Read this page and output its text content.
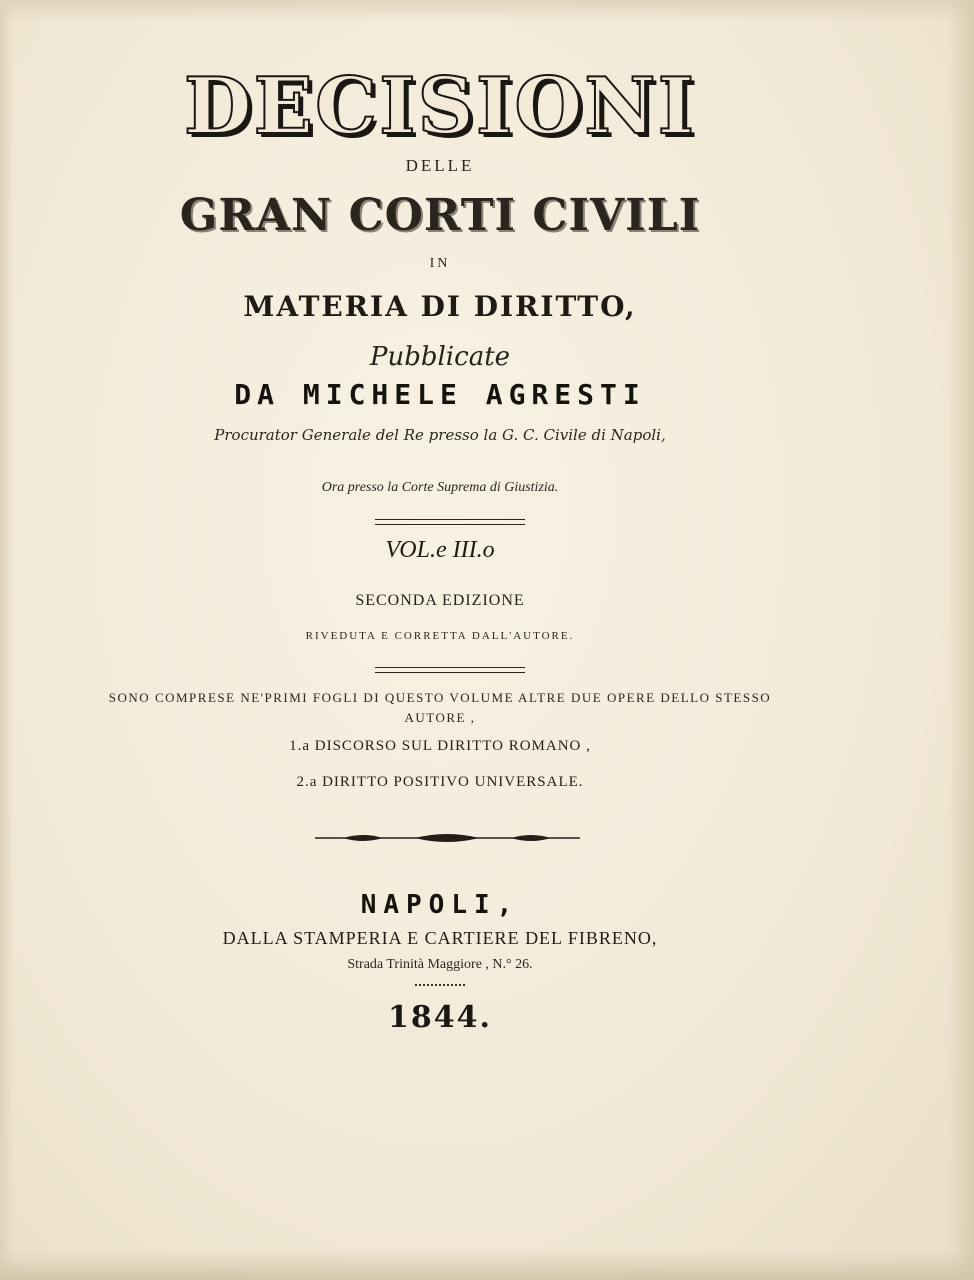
DECISIONI
DELLE
GRAN CORTI CIVILI
IN
MATERIA DI DIRITTO,
Pubblicate
DA MICHELE AGRESTI
Procurator Generale del Re presso la G. C. Civile di Napoli,
Ora presso la Corte Suprema di Giustizia.
VOL.e III.o
SECONDA EDIZIONE
RIVEDUTA E CORRETTA DALL'AUTORE.
SONO COMPRESE NE'PRIMI FOGLI DI QUESTO VOLUME ALTRE DUE OPERE DELLO STESSO
AUTORE ,
1.a DISCORSO SUL DIRITTO ROMANO ,
2.a DIRITTO POSITIVO UNIVERSALE.
NAPOLI,
DALLA STAMPERIA E CARTIERE DEL FIBRENO,
Strada Trinità Maggiore , N.° 26.
1844.
